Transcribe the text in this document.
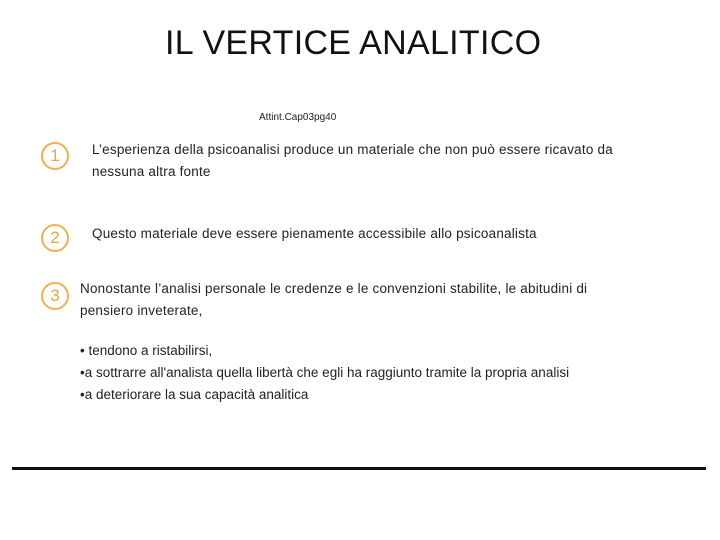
IL VERTICE ANALITICO
Attint.Cap03pg40
1	L’esperienza della psicoanalisi produce un materiale che non può essere ricavato da nessuna altra fonte
2	Questo materiale deve essere pienamente accessibile allo psicoanalista
3	Nonostante l’analisi personale le credenze e le convenzioni stabilite, le abitudini di pensiero inveterate,
• tendono a ristabilirsi,
•a sottrarre all'analista quella libertà che egli ha raggiunto tramite la propria analisi
•a deteriorare la sua capacità analitica
